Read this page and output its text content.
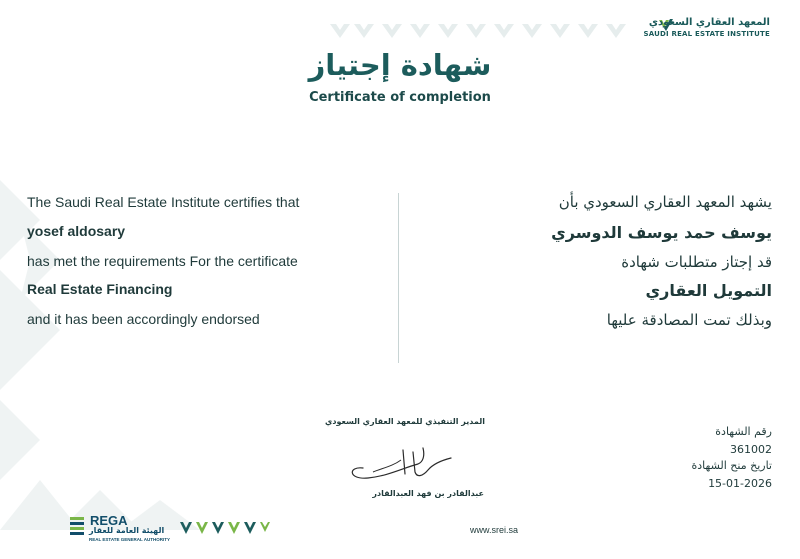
المعهد العقاري السعودي
SAUDI REAL ESTATE INSTITUTE
شهادة إجتياز
Certificate of completion
The Saudi Real Estate Institute certifies that
yosef aldosary
has met the requirements For the certificate
Real Estate Financing
and it has been accordingly endorsed
يشهد المعهد العقاري السعودي بأن
يوسف حمد يوسف الدوسري
قد إجتاز متطلبات شهادة
التمويل العقاري
وبذلك تمت المصادقة عليها
المدير التنفيذي للمعهد العقاري السعودي
عبدالقادر بن فهد العبدالقادر
رقم الشهادة
361002
تاريخ منح الشهادة
15-01-2026
REGA
الهيئة العامة للعقار
REAL ESTATE GENERAL AUTHORITY
www.srei.sa
